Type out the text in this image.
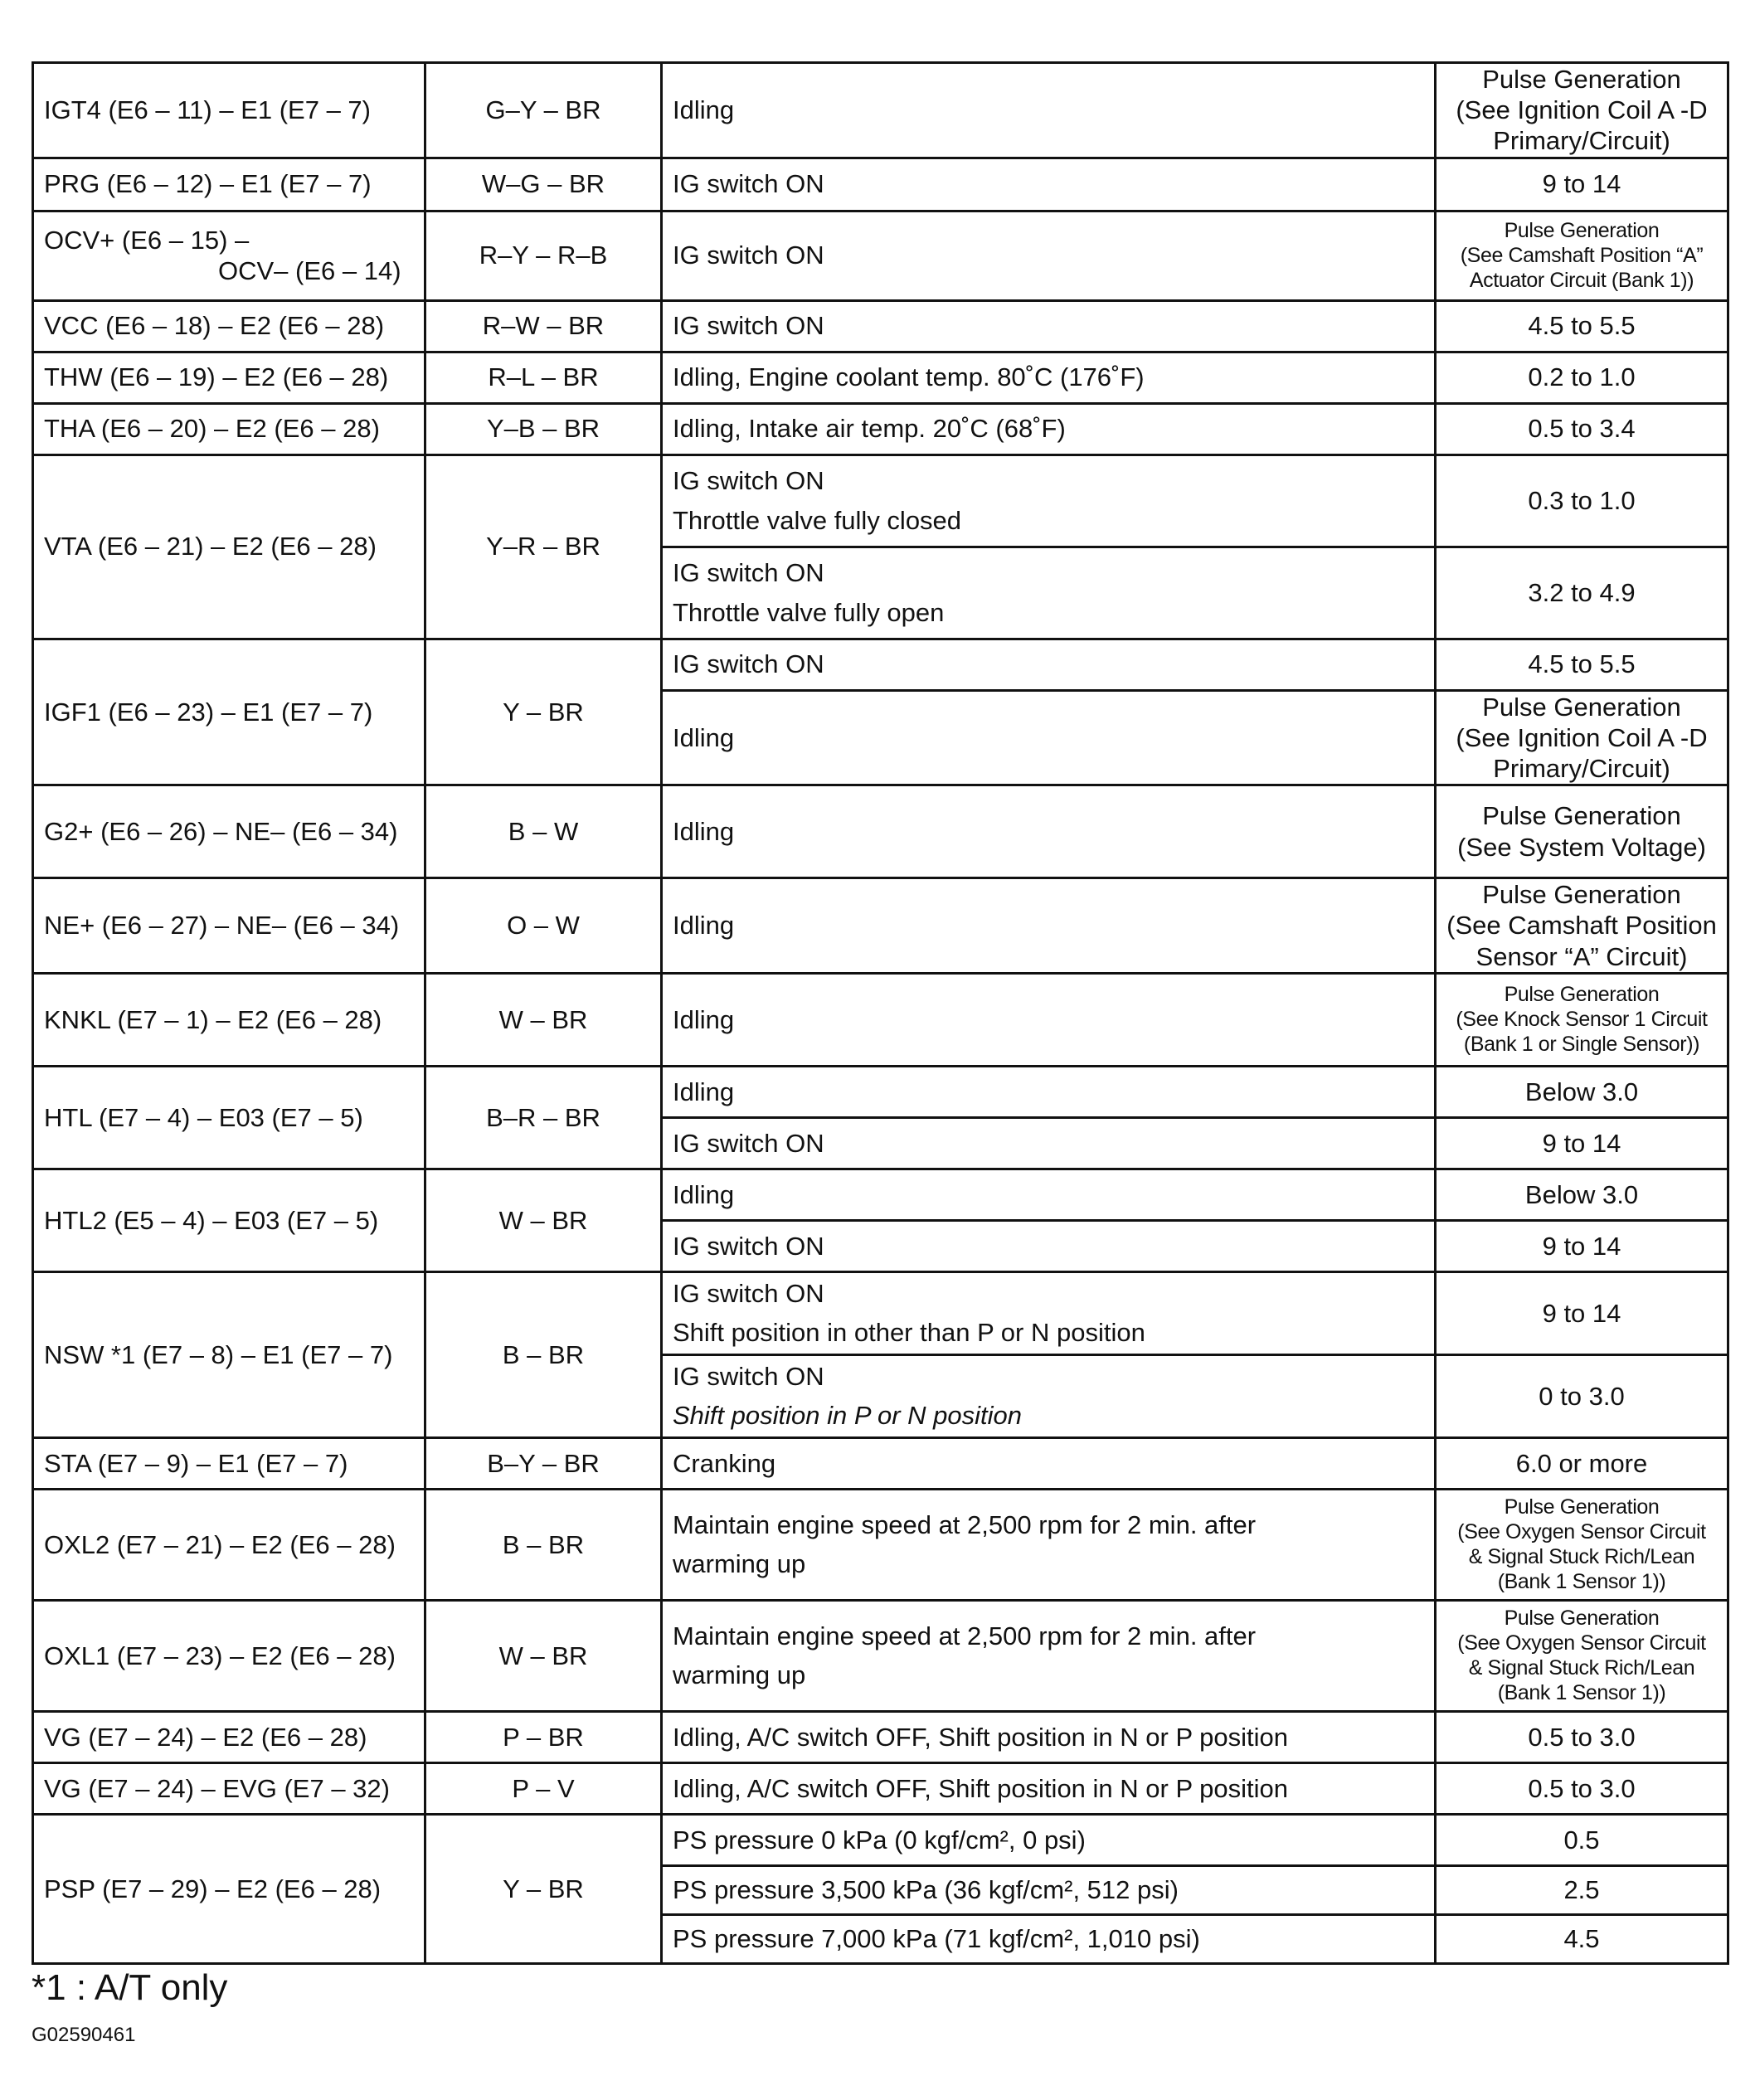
IGT4 (E6 – 11) – E1 (E7 – 7)	G–Y – BR	Idling	Pulse Generation
(See Ignition Coil A -D
Primary/Circuit)

PRG (E6 – 12) – E1 (E7 – 7)	W–G – BR	IG switch ON	9 to 14

OCV+ (E6 – 15) –
OCV– (E6 – 14)	R–Y – R–B	IG switch ON	Pulse Generation
(See Camshaft Position “A”
Actuator Circuit (Bank 1))

VCC (E6 – 18) – E2 (E6 – 28)	R–W – BR	IG switch ON	4.5 to 5.5

THW (E6 – 19) – E2 (E6 – 28)	R–L – BR	Idling, Engine coolant temp. 80˚C (176˚F)	0.2 to 1.0

THA (E6 – 20) – E2 (E6 – 28)	Y–B – BR	Idling, Intake air temp. 20˚C (68˚F)	0.5 to 3.4

VTA (E6 – 21) – E2 (E6 – 28)	Y–R – BR	IG switch ON
Throttle valve fully closed	0.3 to 1.0

		IG switch ON
Throttle valve fully open	3.2 to 4.9

IGF1 (E6 – 23) – E1 (E7 – 7)	Y – BR	IG switch ON	4.5 to 5.5

		Idling	Pulse Generation
(See Ignition Coil A -D
Primary/Circuit)

G2+ (E6 – 26) – NE– (E6 – 34)	B – W	Idling	Pulse Generation
(See System Voltage)

NE+ (E6 – 27) – NE– (E6 – 34)	O – W	Idling	Pulse Generation
(See Camshaft Position
Sensor “A” Circuit)

KNKL (E7 – 1) – E2 (E6 – 28)	W – BR	Idling	Pulse Generation
(See Knock Sensor 1 Circuit
(Bank 1 or Single Sensor))

HTL (E7 – 4) – E03 (E7 – 5)	B–R – BR	Idling	Below 3.0

		IG switch ON	9 to 14

HTL2 (E5 – 4) – E03 (E7 – 5)	W – BR	Idling	Below 3.0

		IG switch ON	9 to 14

NSW *1 (E7 – 8) – E1 (E7 – 7)	B – BR	IG switch ON
Shift position in other than P or N position	9 to 14

		IG switch ON
Shift position in P or N position	0 to 3.0

STA (E7 – 9) – E1 (E7 – 7)	B–Y – BR	Cranking	6.0 or more

OXL2 (E7 – 21) – E2 (E6 – 28)	B – BR	Maintain engine speed at 2,500 rpm for 2 min. after
warming up	Pulse Generation
(See Oxygen Sensor Circuit
& Signal Stuck Rich/Lean
(Bank 1 Sensor 1))

OXL1 (E7 – 23) – E2 (E6 – 28)	W – BR	Maintain engine speed at 2,500 rpm for 2 min. after
warming up	Pulse Generation
(See Oxygen Sensor Circuit
& Signal Stuck Rich/Lean
(Bank 1 Sensor 1))

VG (E7 – 24) – E2 (E6 – 28)	P – BR	Idling, A/C switch OFF, Shift position in N or P position	0.5 to 3.0

VG (E7 – 24) – EVG (E7 – 32)	P – V	Idling, A/C switch OFF, Shift position in N or P position	0.5 to 3.0

PSP (E7 – 29) – E2 (E6 – 28)	Y – BR	PS pressure 0 kPa (0 kgf/cm², 0 psi)	0.5

		PS pressure 3,500 kPa (36 kgf/cm², 512 psi)	2.5

		PS pressure 7,000 kPa (71 kgf/cm², 1,010 psi)	4.5
*1 : A/T only
G02590461
